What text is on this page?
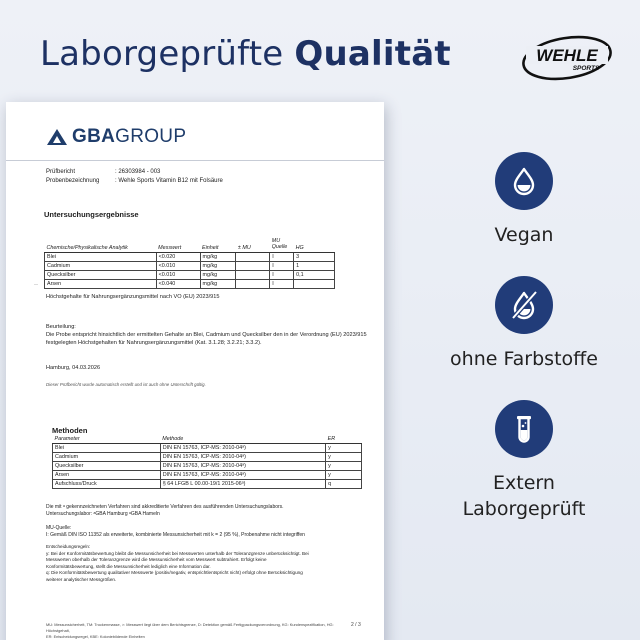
Laborgeprüfte Qualität	WEHLE
SPORTS
GBAGROUP
Prüfbericht	: 26303984 - 003
Probenbezeichnung	: Wehle Sports Vitamin B12 mit Folsäure
Untersuchungsergebnisse
Chemische/Physikalische Analytik	Messwert	Einheit	± MU	MU Quelle	HG
Blei	<0.020	mg/kg		I	3
Cadmium	<0.010	mg/kg		I	1
Quecksilber	<0.010	mg/kg		I	0,1
Arsen	<0.040	mg/kg		I	
—
Höchstgehalte für Nahrungsergänzungsmittel nach VO (EU) 2023/915
Beurteilung:
Die Probe entspricht hinsichtlich der ermittelten Gehalte an Blei, Cadmium und Quecksilber den in der Verordnung (EU) 2023/915 festgelegten Höchstgehalten für Nahrungsergänzungsmittel (Kat. 3.1.28; 3.2.21; 3.3.2).
Hamburg, 04.03.2026
Dieser Prüfbericht wurde automatisch erstellt und ist auch ohne Unterschrift gültig.
Methoden
Parameter	Methode	ER
Blei	DIN EN 15763, ICP-MS: 2010-04ᵃ)	y
Cadmium	DIN EN 15763, ICP-MS: 2010-04ᵃ)	y
Quecksilber	DIN EN 15763, ICP-MS: 2010-04ᵃ)	y
Arsen	DIN EN 15763, ICP-MS: 2010-04ᵃ)	y
Aufschluss/Druck	§ 64 LFGB L 00.00-19/1 2015-06ᵃ)	q
Die mit ᵃ gekennzeichneten Verfahren sind akkreditierte Verfahren des ausführenden Untersuchungslabors.
Untersuchungslabor: ᵃGBA Hamburg ᵃGBA Hameln
MU-Quelle:
I: Gemäß DIN ISO 11352 als erweiterte, kombinierte Messunsicherheit mit k = 2 (95 %), Probenahme nicht integriffen
Entscheidungsregeln:
y: Bei der Konformitätsbewertung bleibt die Messunsicherheit bei Messwerten unterhalb der Toleranzgrenze unberücksichtigt. Bei
Messwerten oberhalb der Toleranzgrenze wird die Messunsicherheit vom Messwert subtrahiert. Erfolgt keine
Konformitätsbewertung, stellt die Messunsicherheit lediglich eine Information dar.
q: Die Konformitätsbewertung qualitativer Messwerte (positiv/negativ, entsprichtlentspricht nicht) erfolgt ohne Berücksichtigung
weiterer analytischer Messgrößen.
MU: Messunsicherheit, TM: Trockenmasse, >: Messwert liegt über dem Berichtsgrenze, D: Detektion gemäß Fertigpackungsverordnung, KG: Kundenspezifikation, HG: Höchstgehalt,
ER: Entscheidungsregel, KBE: Koloniebildende Einheiten
2 / 3
Vegan
ohne Farbstoffe
Extern
Laborgeprüft
